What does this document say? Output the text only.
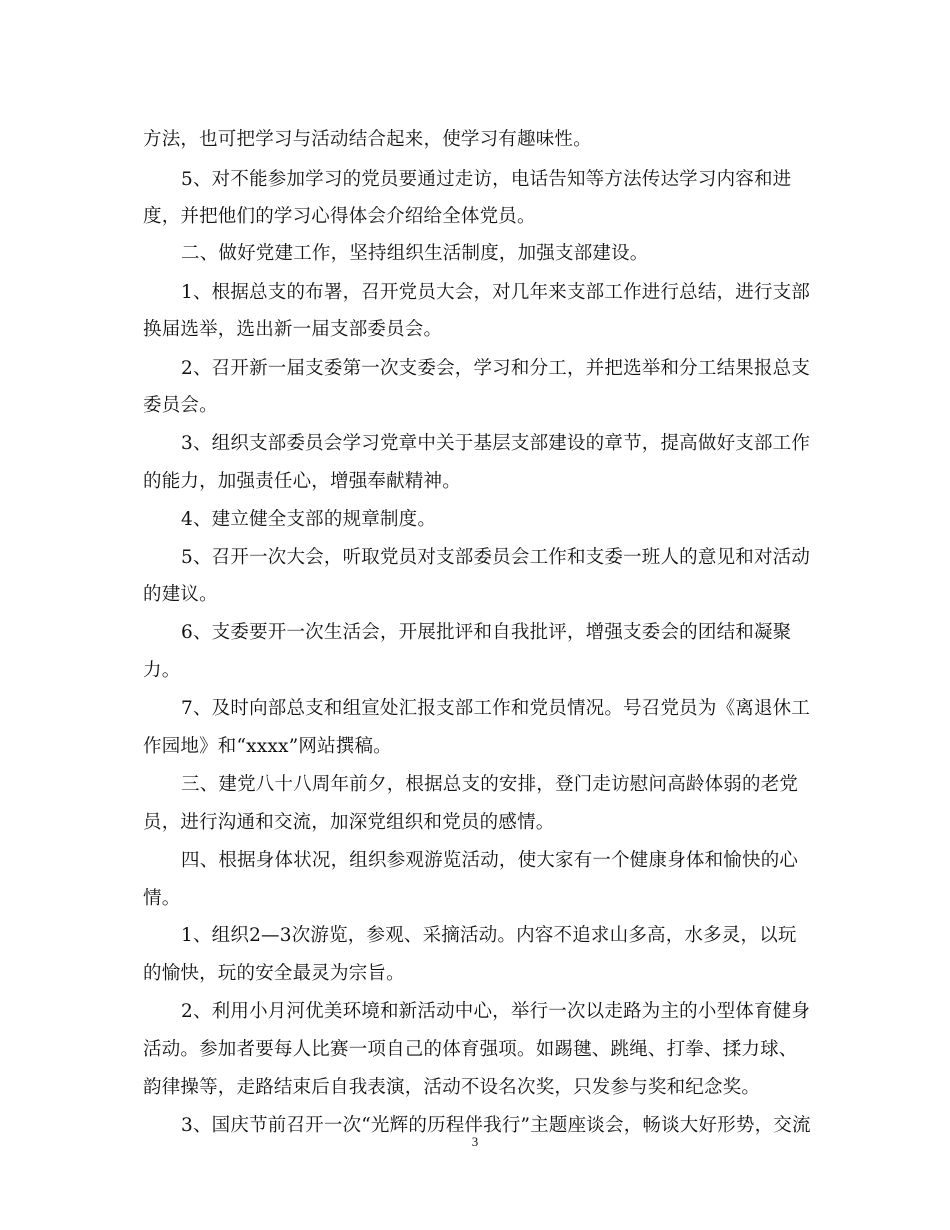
方法，也可把学习与活动结合起来，使学习有趣味性。
5、对不能参加学习的党员要通过走访，电话告知等方法传达学习内容和进
度，并把他们的学习心得体会介绍给全体党员。
二、做好党建工作，坚持组织生活制度，加强支部建设。
1、根据总支的布署，召开党员大会，对几年来支部工作进行总结，进行支部
换届选举，选出新一届支部委员会。
2、召开新一届支委第一次支委会，学习和分工，并把选举和分工结果报总支
委员会。
3、组织支部委员会学习党章中关于基层支部建设的章节，提高做好支部工作
的能力，加强责任心，增强奉献精神。
4、建立健全支部的规章制度。
5、召开一次大会，听取党员对支部委员会工作和支委一班人的意见和对活动
的建议。
6、支委要开一次生活会，开展批评和自我批评，增强支委会的团结和凝聚
力。
7、及时向部总支和组宣处汇报支部工作和党员情况。号召党员为《离退休工
作园地》和“xxxx”网站撰稿。
三、建党八十八周年前夕，根据总支的安排，登门走访慰问高龄体弱的老党
员，进行沟通和交流，加深党组织和党员的感情。
四、根据身体状况，组织参观游览活动，使大家有一个健康身体和愉快的心
情。
1、组织2—3次游览，参观、采摘活动。内容不追求山多高，水多灵，以玩
的愉快，玩的安全最灵为宗旨。
2、利用小月河优美环境和新活动中心，举行一次以走路为主的小型体育健身
活动。参加者要每人比赛一项自己的体育强项。如踢毽、跳绳、打拳、揉力球、
韵律操等，走路结束后自我表演，活动不设名次奖，只发参与奖和纪念奖。
3、国庆节前召开一次“光辉的历程伴我行”主题座谈会，畅谈大好形势，交流
3
